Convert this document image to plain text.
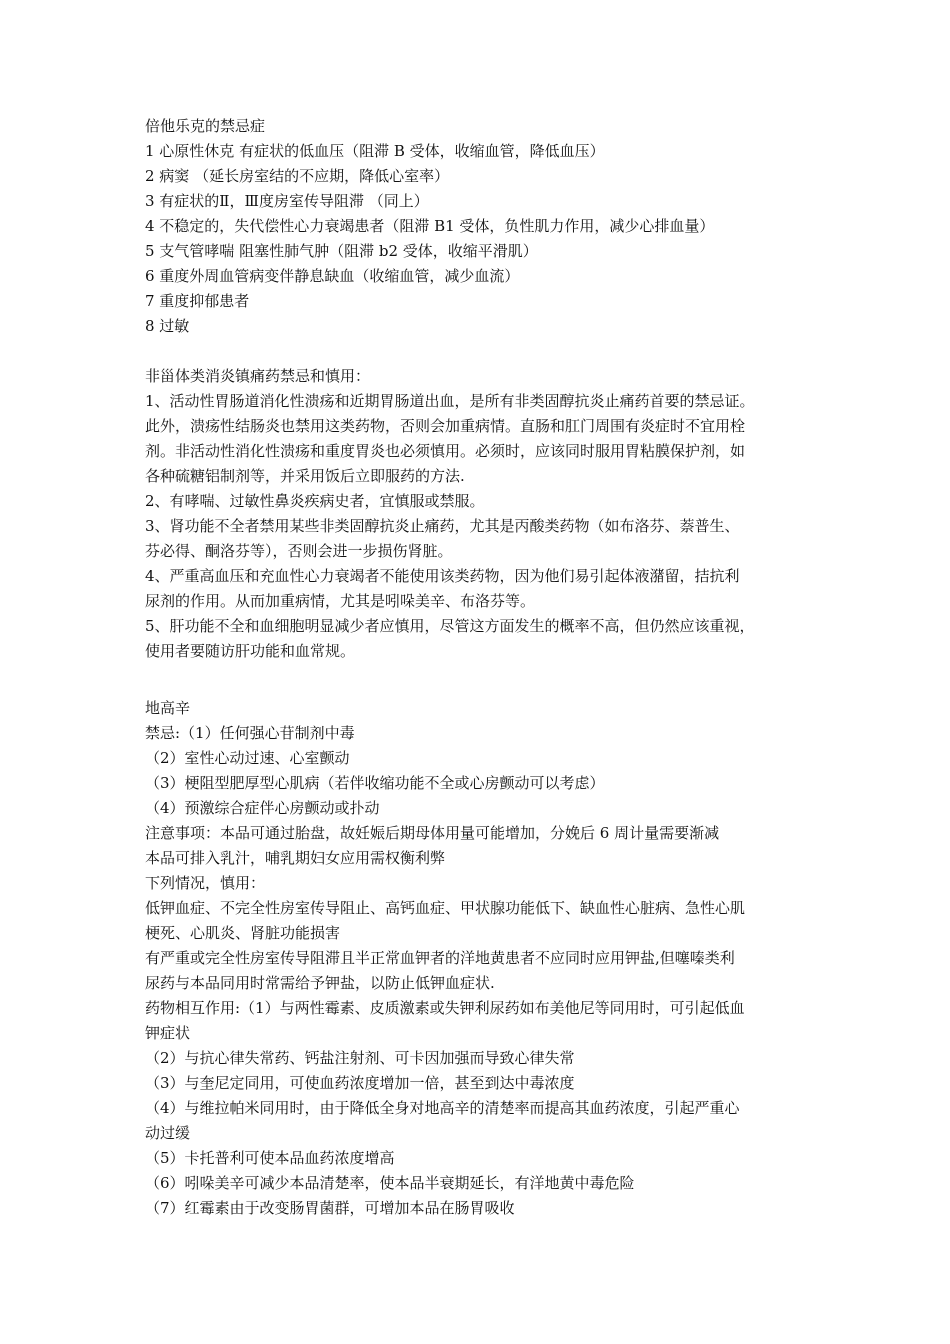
倍他乐克的禁忌症
1 心原性休克 有症状的低血压（阻滞 B 受体，收缩血管，降低血压）
2 病窦 （延长房室结的不应期，降低心室率）
3 有症状的Ⅱ，Ⅲ度房室传导阻滞 （同上）
4 不稳定的，失代偿性心力衰竭患者（阻滞 B1 受体，负性肌力作用，减少心排血量）
5 支气管哮喘 阻塞性肺气肿（阻滞 b2 受体，收缩平滑肌）
6 重度外周血管病变伴静息缺血（收缩血管，减少血流）
7 重度抑郁患者
8 过敏
非甾体类消炎镇痛药禁忌和慎用：
1、活动性胃肠道消化性溃疡和近期胃肠道出血，是所有非类固醇抗炎止痛药首要的禁忌证。
此外，溃疡性结肠炎也禁用这类药物，否则会加重病情。直肠和肛门周围有炎症时不宜用栓
剂。非活动性消化性溃疡和重度胃炎也必须慎用。必须时，应该同时服用胃粘膜保护剂，如
各种硫糖铝制剂等，并采用饭后立即服药的方法.
2、有哮喘、过敏性鼻炎疾病史者，宜慎服或禁服。
3、肾功能不全者禁用某些非类固醇抗炎止痛药，尤其是丙酸类药物（如布洛芬、萘普生、
芬必得、酮洛芬等），否则会进一步损伤肾脏。
4、严重高血压和充血性心力衰竭者不能使用该类药物，因为他们易引起体液潴留，拮抗利
尿剂的作用。从而加重病情，尤其是吲哚美辛、布洛芬等。
5、肝功能不全和血细胞明显减少者应慎用，尽管这方面发生的概率不高，但仍然应该重视，
使用者要随访肝功能和血常规。
地高辛
禁忌:（1）任何强心苷制剂中毒
（2）室性心动过速、心室颤动
（3）梗阻型肥厚型心肌病（若伴收缩功能不全或心房颤动可以考虑）
（4）预激综合症伴心房颤动或扑动
注意事项：本品可通过胎盘，故妊娠后期母体用量可能增加，分娩后 6 周计量需要渐减
本品可排入乳汁，哺乳期妇女应用需权衡利弊
下列情况，慎用：
低钾血症、不完全性房室传导阻止、高钙血症、甲状腺功能低下、缺血性心脏病、急性心肌
梗死、心肌炎、肾脏功能损害
有严重或完全性房室传导阻滞且半正常血钾者的洋地黄患者不应同时应用钾盐,但噻嗪类利
尿药与本品同用时常需给予钾盐，以防止低钾血症状.
药物相互作用:（1）与两性霉素、皮质激素或失钾利尿药如布美他尼等同用时，可引起低血
钾症状
（2）与抗心律失常药、钙盐注射剂、可卡因加强而导致心律失常
（3）与奎尼定同用，可使血药浓度增加一倍，甚至到达中毒浓度
（4）与维拉帕米同用时，由于降低全身对地高辛的清楚率而提高其血药浓度，引起严重心
动过缓
（5）卡托普利可使本品血药浓度增高
（6）吲哚美辛可减少本品清楚率，使本品半衰期延长，有洋地黄中毒危险
（7）红霉素由于改变肠胃菌群，可增加本品在肠胃吸收
